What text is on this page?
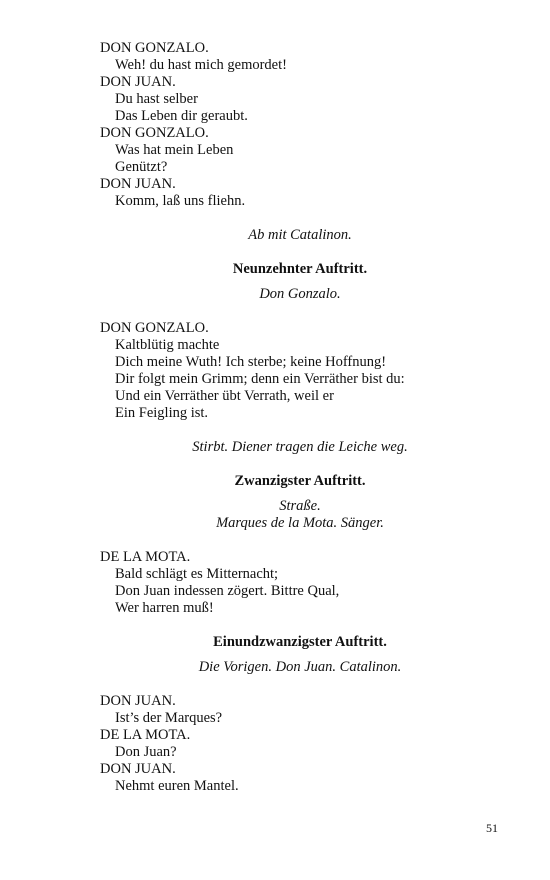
DON GONZALO.
Weh! du hast mich gemordet!
DON JUAN.
Du hast selber
Das Leben dir geraubt.
DON GONZALO.
Was hat mein Leben
Genützt?
DON JUAN.
Komm, laß uns fliehn.
Ab mit Catalinon.
Neunzehnter Auftritt.
Don Gonzalo.
DON GONZALO.
Kaltblütig machte
Dich meine Wuth! Ich sterbe; keine Hoffnung!
Dir folgt mein Grimm; denn ein Verräther bist du:
Und ein Verräther übt Verrath, weil er
Ein Feigling ist.
Stirbt. Diener tragen die Leiche weg.
Zwanzigster Auftritt.
Straße.
Marques de la Mota. Sänger.
DE LA MOTA.
Bald schlägt es Mitternacht;
Don Juan indessen zögert. Bittre Qual,
Wer harren muß!
Einundzwanzigster Auftritt.
Die Vorigen. Don Juan. Catalinon.
DON JUAN.
Ist’s der Marques?
DE LA MOTA.
Don Juan?
DON JUAN.
Nehmt euren Mantel.
51
